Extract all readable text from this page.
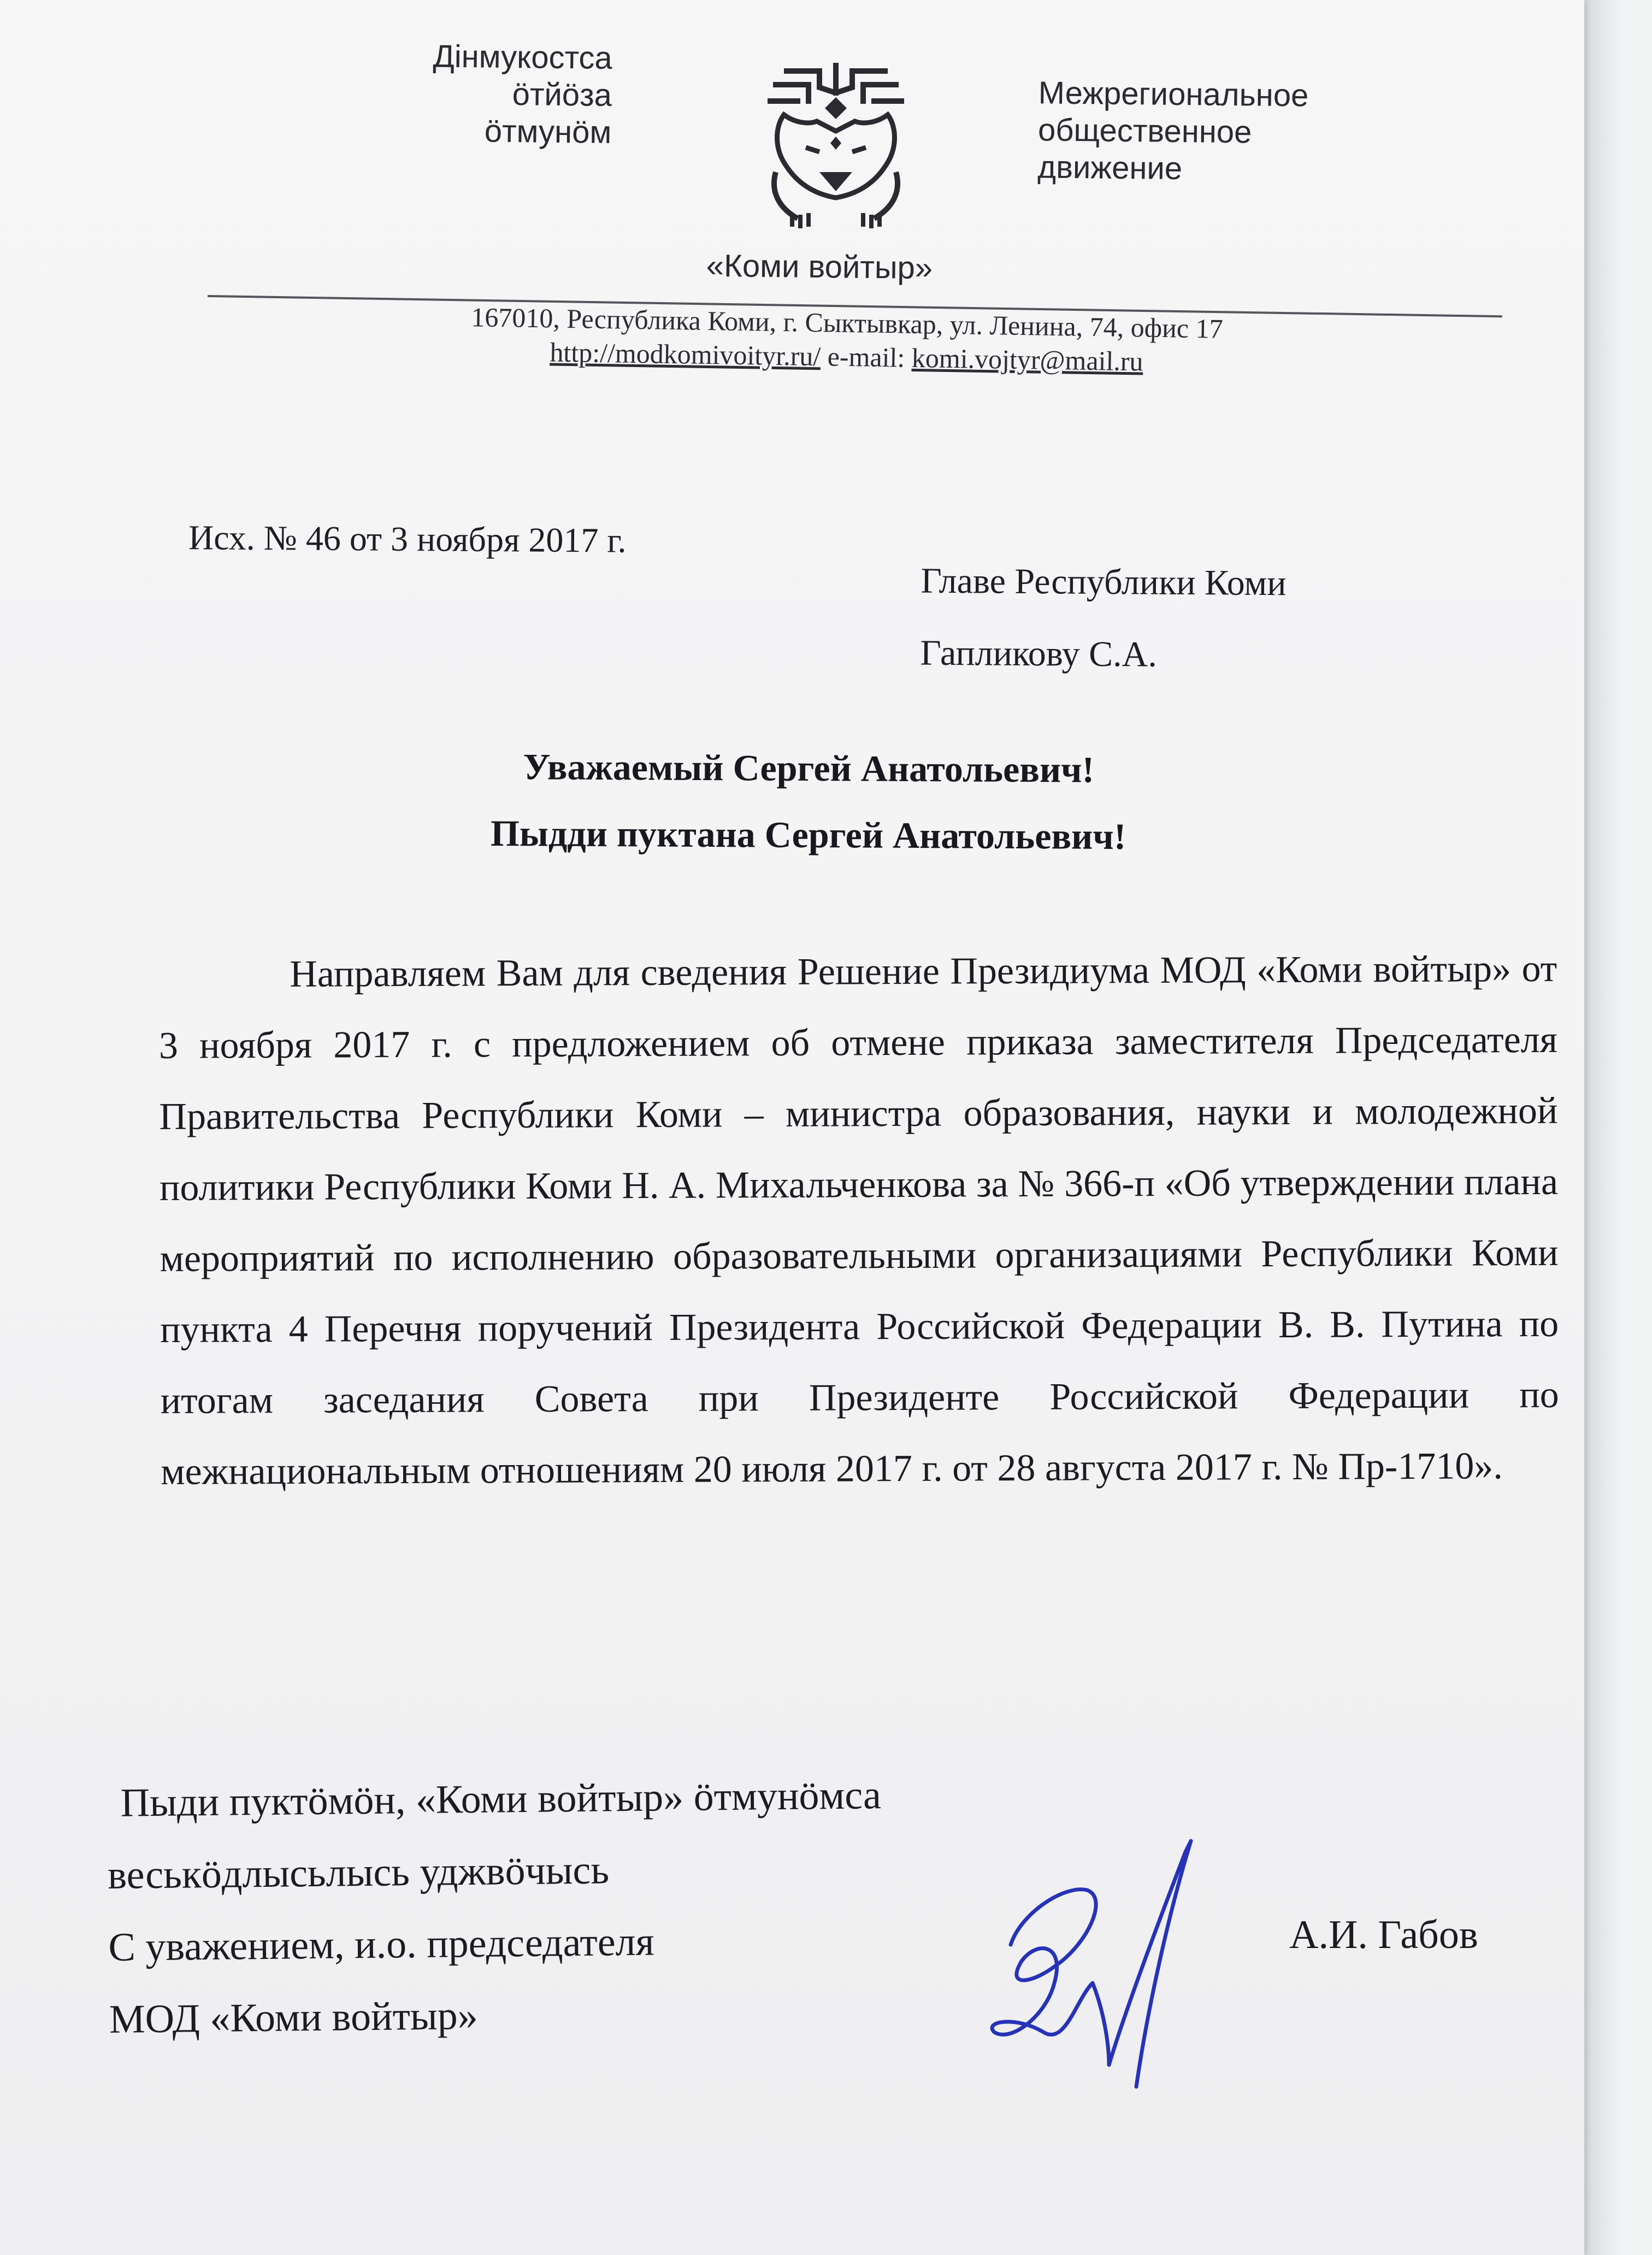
Дінмукостса
ӧтйӧза
ӧтмунӧм
Межрегиональное
общественное
движение
«Коми войтыр»
167010, Республика Коми, г. Сыктывкар, ул. Ленина, 74, офис 17
http://modkomivoityr.ru/ e-mail: komi.vojtyr@mail.ru
Исх. № 46 от 3 ноября 2017 г.
Главе Республики Коми
Гапликову С.А.
Уважаемый Сергей Анатольевич!
Пыдди пуктана Сергей Анатольевич!
Направляем Вам для сведения Решение Президиума МОД «Коми войтыр» от 3 ноября 2017 г. с предложением об отмене приказа заместителя Председателя Правительства Республики Коми – министра образования, науки и молодежной политики Республики Коми Н. А. Михальченкова за № 366-п «Об утверждении плана мероприятий по исполнению образовательными организациями Республики Коми пункта 4 Перечня поручений Президента Российской Федерации В. В. Путина по итогам заседания Совета при Президенте Российской Федерации по межнациональным отношениям 20 июля 2017 г. от 28 августа 2017 г. № Пр-1710».
Пыди пуктӧмӧн, «Коми войтыр» ӧтмунӧмса
веськӧдлысьлысь уджвӧчысь
С уважением, и.о. председателя
МОД «Коми войтыр»
А.И. Габов
